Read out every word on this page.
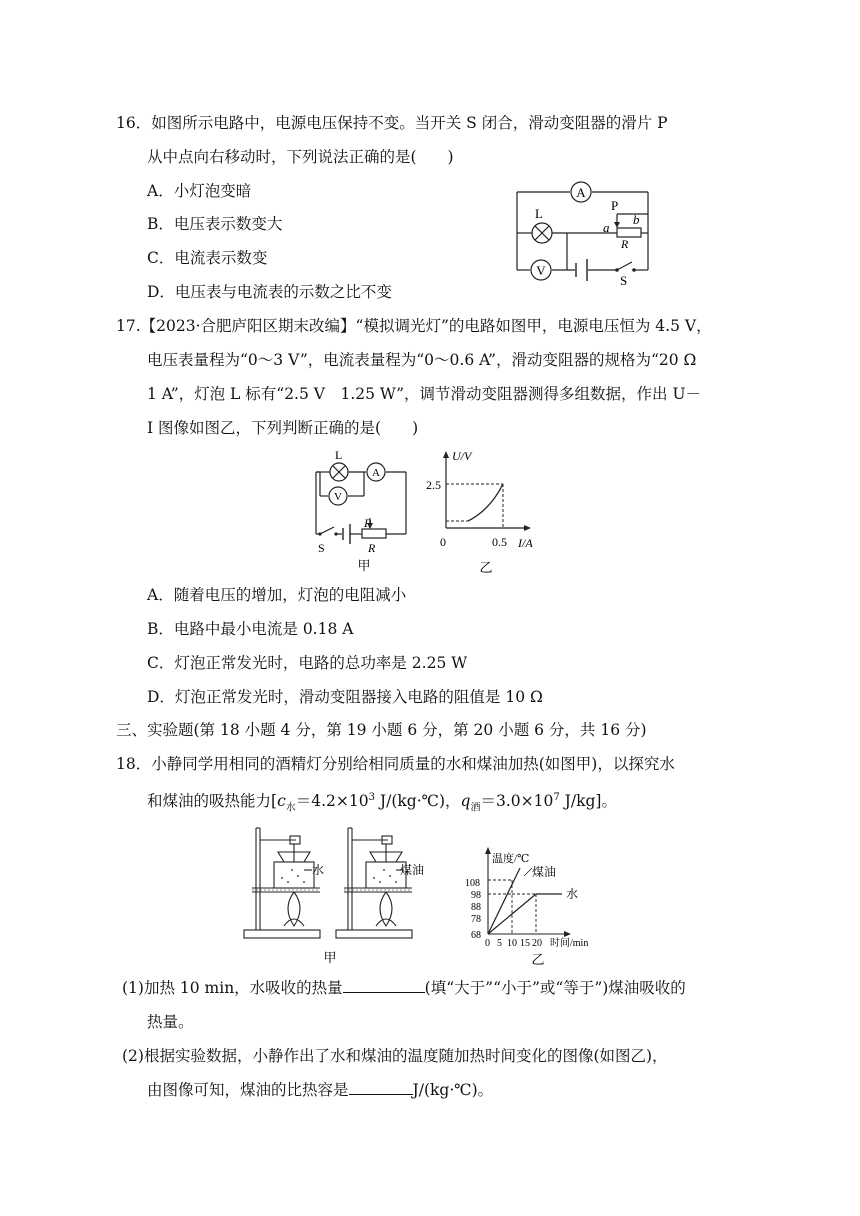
16．如图所示电路中，电源电压保持不变。当开关 S 闭合，滑动变阻器的滑片 P
从中点向右移动时，下列说法正确的是(　　)
A．小灯泡变暗
B．电压表示数变大
C．电流表示数变
D．电压表与电流表的示数之比不变
A
L
V
S
P
R
a
b
17.【2023·合肥庐阳区期末改编】“模拟调光灯”的电路如图甲，电源电压恒为 4.5 V，
电压表量程为“0～3 V”，电流表量程为“0～0.6 A”，滑动变阻器的规格为“20 Ω
1 A”，灯泡 L 标有“2.5 V　1.25 W”，调节滑动变阻器测得多组数据，作出 U－
I 图像如图乙，下列判断正确的是(　　)
L
A
V
S
P
R
甲
U/V
2.5
0	0.5 I/A
乙
A．随着电压的增加，灯泡的电阻减小
B．电路中最小电流是 0.18 A
C．灯泡正常发光时，电路的总功率是 2.25 W
D．灯泡正常发光时，滑动变阻器接入电路的阻值是 10 Ω
三、实验题(第 18 小题 4 分，第 19 小题 6 分，第 20 小题 6 分，共 16 分)
18．小静同学用相同的酒精灯分别给相同质量的水和煤油加热(如图甲)，以探究水
和煤油的吸热能力[$c_水=4.2\times 10^3$ J/(kg·℃)，$q_酒=3.0\times 10^7$ J/kg]。
水	煤油
甲
温度/℃
煤油
水
108
98
88
78
68
0 5 10 15 20 时间/min
乙
(1)加热 10 min，水吸收的热量	(填“大于”“小于”或“等于”)煤油吸收的
热量。
(2)根据实验数据，小静作出了水和煤油的温度随加热时间变化的图像(如图乙)，
由图像可知，煤油的比热容是	J/(kg·℃)。
